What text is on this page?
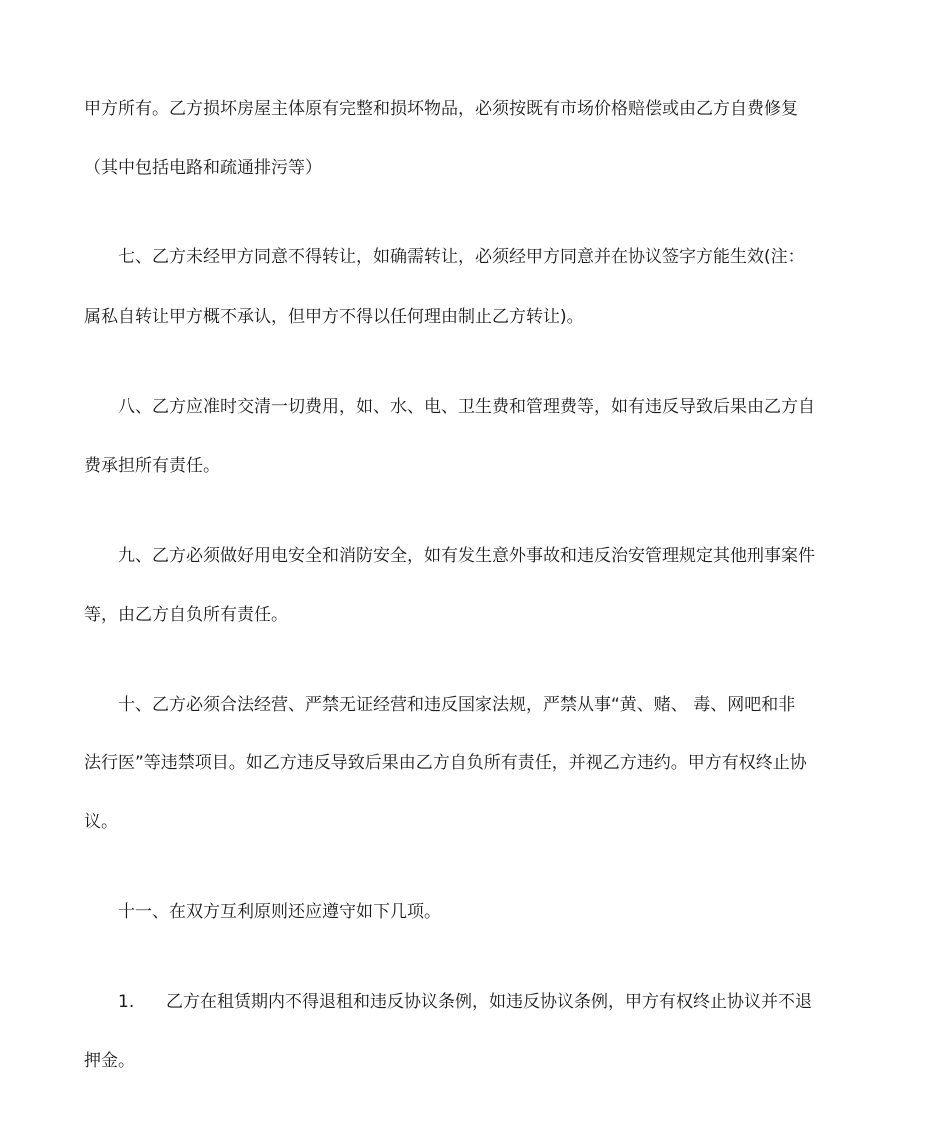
甲方所有。乙方损坏房屋主体原有完整和损坏物品，必须按既有市场价格赔偿或由乙方自费修复
（其中包括电路和疏通排污等）
七、乙方未经甲方同意不得转让，如确需转让，必须经甲方同意并在协议签字方能生效(注：
属私自转让甲方概不承认，但甲方不得以任何理由制止乙方转让)。
八、乙方应准时交清一切费用，如、水、电、卫生费和管理费等，如有违反导致后果由乙方自
费承担所有责任。
九、乙方必须做好用电安全和消防安全，如有发生意外事故和违反治安管理规定其他刑事案件
等，由乙方自负所有责任。
十、乙方必须合法经营、严禁无证经营和违反国家法规，严禁从事“黄、赌、 毒、网吧和非
法行医”等违禁项目。如乙方违反导致后果由乙方自负所有责任，并视乙方违约。甲方有权终止协
议。
十一、在双方互利原则还应遵守如下几项。
1. 乙方在租赁期内不得退租和违反协议条例，如违反协议条例，甲方有权终止协议并不退
押金。
